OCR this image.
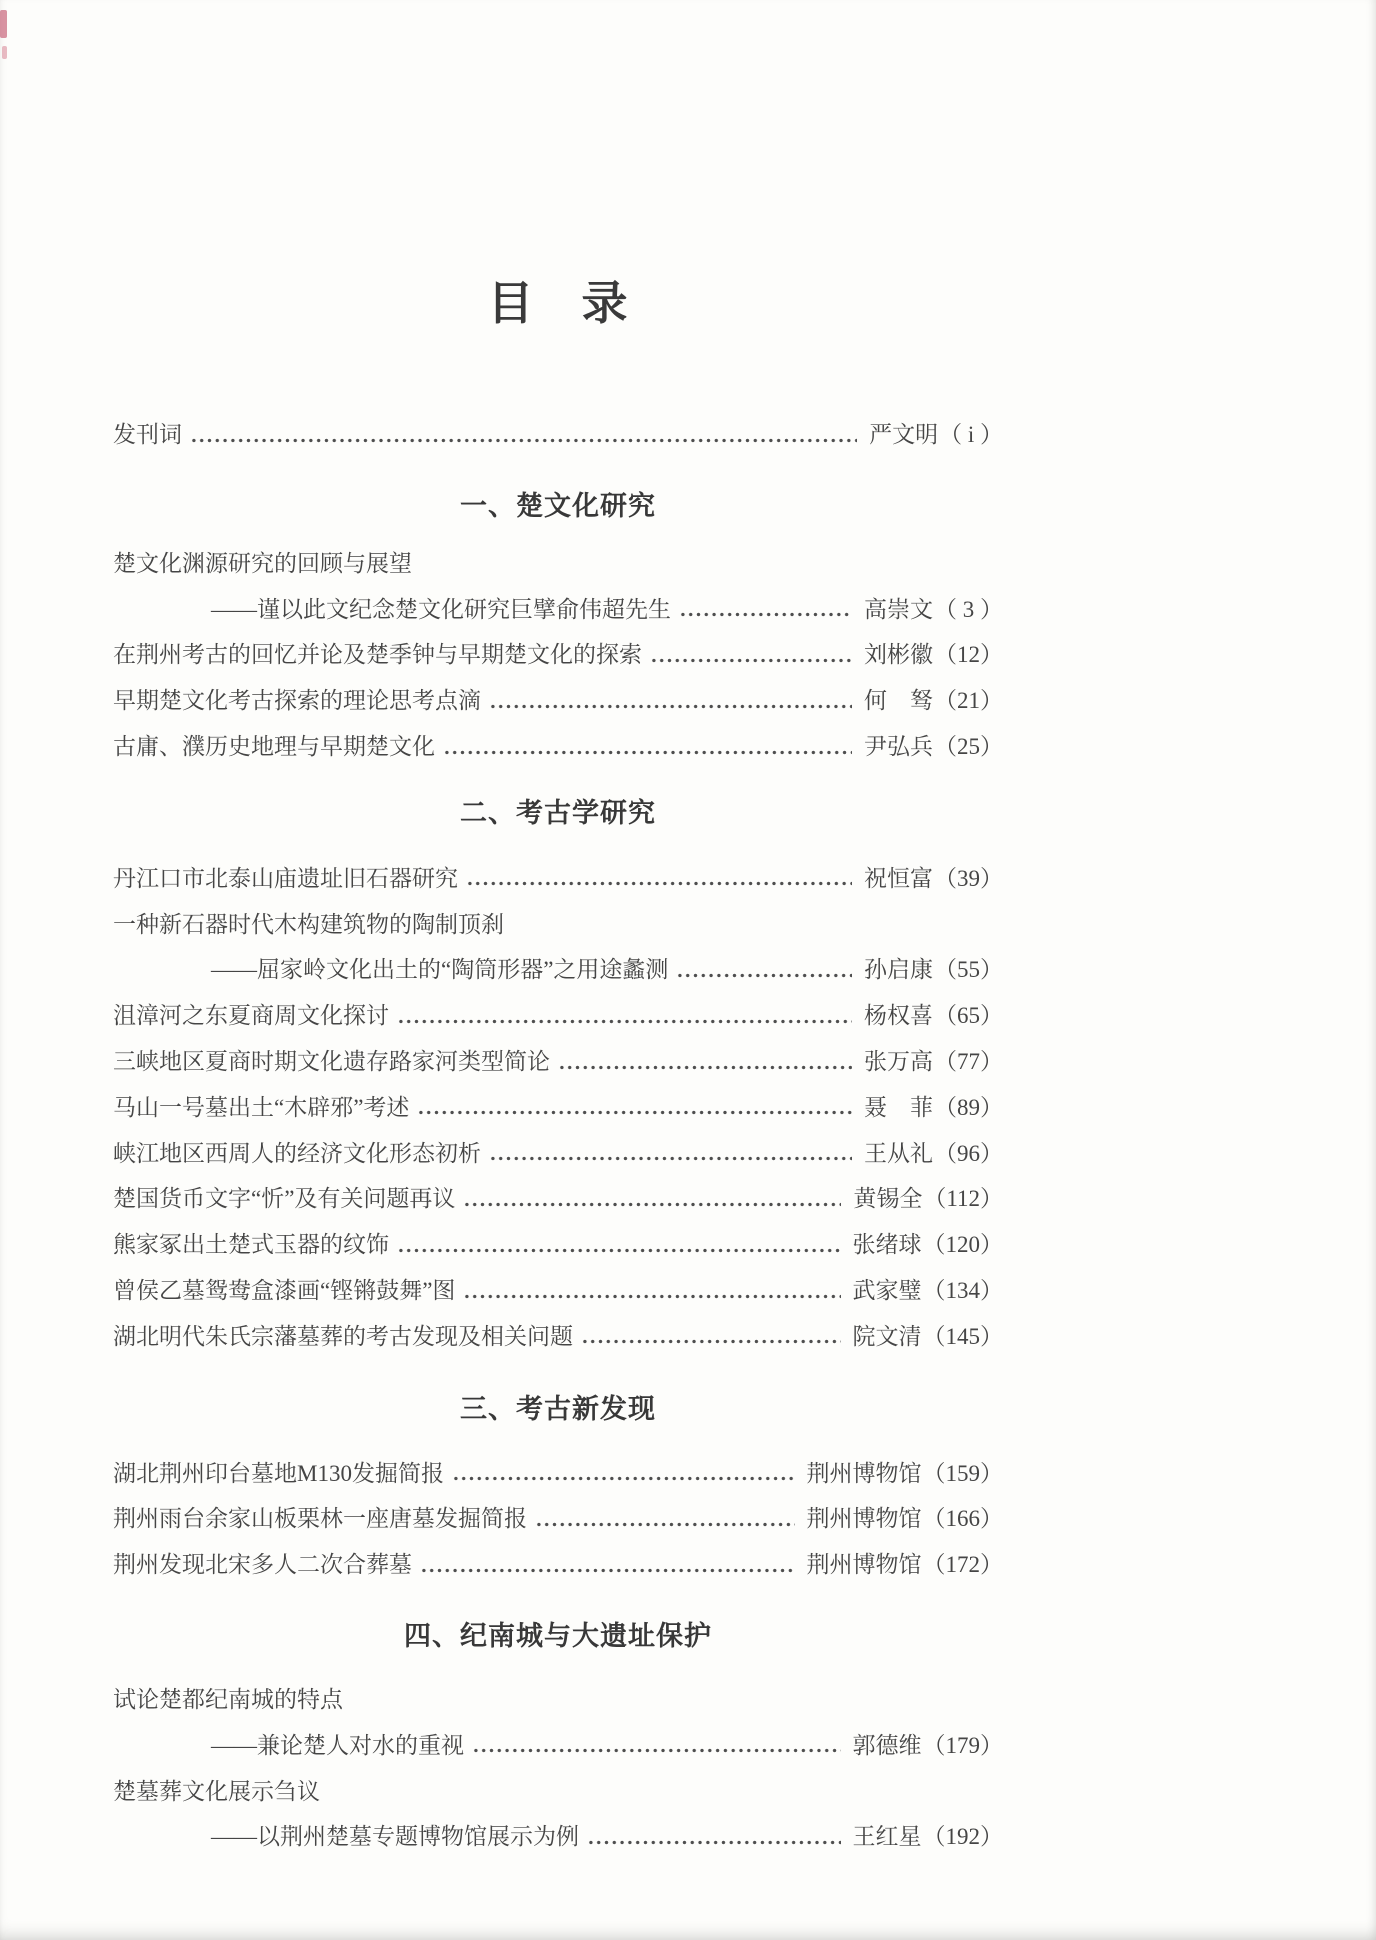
目　录
发刊词	严文明 （ i ）
一、楚文化研究
楚文化渊源研究的回顾与展望
——谨以此文纪念楚文化研究巨擘俞伟超先生	高崇文 （ 3 ）
在荆州考古的回忆并论及楚季钟与早期楚文化的探索	刘彬徽 （12）
早期楚文化考古探索的理论思考点滴	何　驽 （21）
古庸、濮历史地理与早期楚文化	尹弘兵 （25）
二、考古学研究
丹江口市北泰山庙遗址旧石器研究	祝恒富 （39）
一种新石器时代木构建筑物的陶制顶刹
——屈家岭文化出土的“陶筒形器”之用途蠡测	孙启康 （55）
沮漳河之东夏商周文化探讨	杨权喜 （65）
三峡地区夏商时期文化遗存路家河类型简论	张万高 （77）
马山一号墓出土“木辟邪”考述	聂　菲 （89）
峡江地区西周人的经济文化形态初析	王从礼 （96）
楚国货币文字“忻”及有关问题再议	黄锡全 （112）
熊家冢出土楚式玉器的纹饰	张绪球 （120）
曾侯乙墓鸳鸯盒漆画“铿锵鼓舞”图	武家璧 （134）
湖北明代朱氏宗藩墓葬的考古发现及相关问题	院文清 （145）
三、考古新发现
湖北荆州印台墓地M130发掘简报	荆州博物馆 （159）
荆州雨台余家山板栗林一座唐墓发掘简报	荆州博物馆 （166）
荆州发现北宋多人二次合葬墓	荆州博物馆 （172）
四、纪南城与大遗址保护
试论楚都纪南城的特点
——兼论楚人对水的重视	郭德维 （179）
楚墓葬文化展示刍议
——以荆州楚墓专题博物馆展示为例	王红星 （192）
